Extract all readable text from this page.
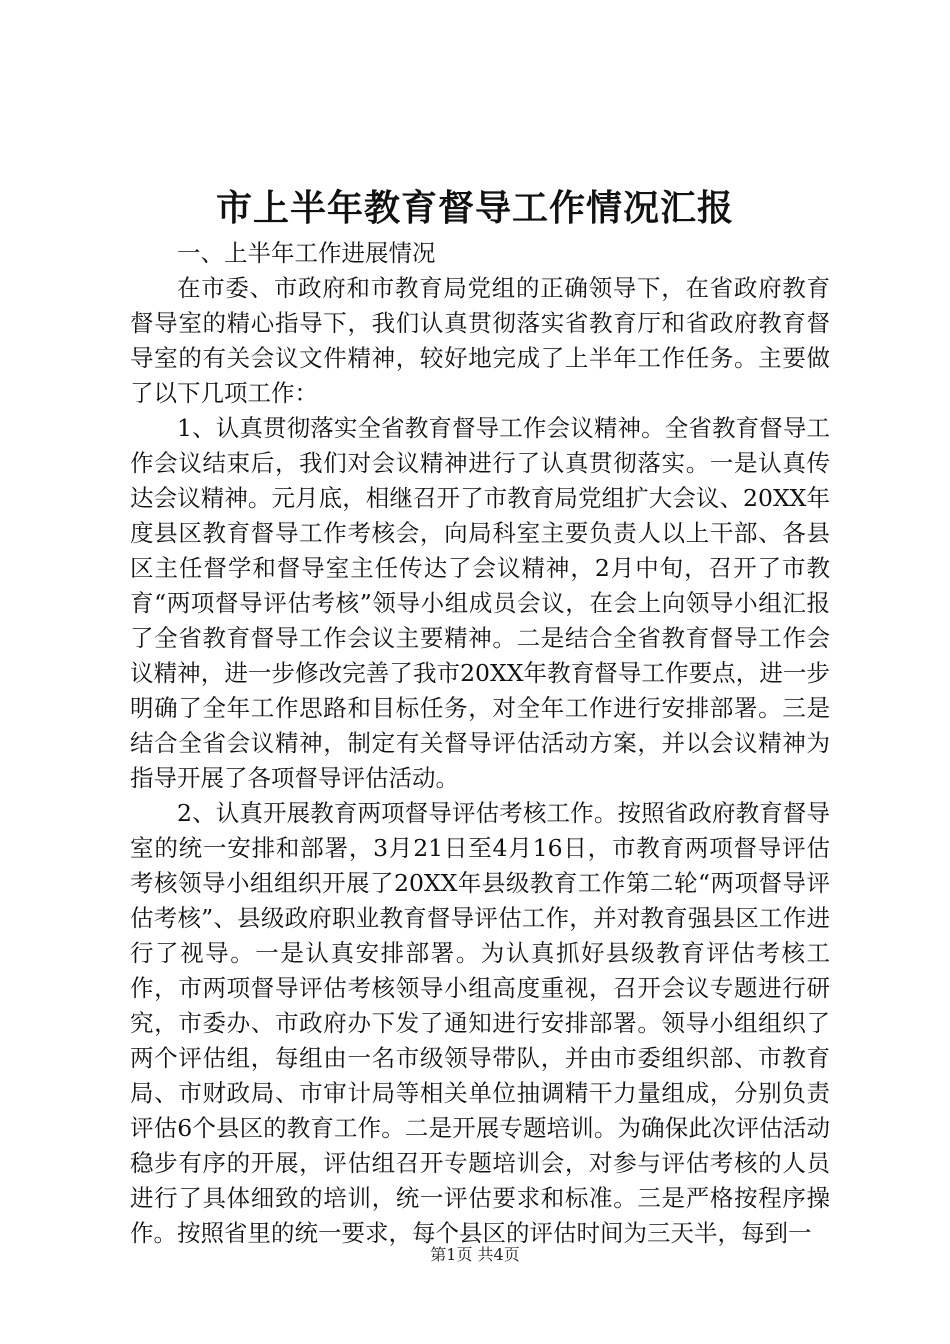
市上半年教育督导工作情况汇报

一、上半年工作进展情况

在市委、市政府和市教育局党组的正确领导下，在省政府教育督导室的精心指导下，我们认真贯彻落实省教育厅和省政府教育督导室的有关会议文件精神，较好地完成了上半年工作任务。主要做了以下几项工作：

1、认真贯彻落实全省教育督导工作会议精神。全省教育督导工作会议结束后，我们对会议精神进行了认真贯彻落实。一是认真传达会议精神。元月底，相继召开了市教育局党组扩大会议、20XX年度县区教育督导工作考核会，向局科室主要负责人以上干部、各县区主任督学和督导室主任传达了会议精神，2月中旬，召开了市教育“两项督导评估考核”领导小组成员会议，在会上向领导小组汇报了全省教育督导工作会议主要精神。二是结合全省教育督导工作会议精神，进一步修改完善了我市20XX年教育督导工作要点，进一步明确了全年工作思路和目标任务，对全年工作进行安排部署。三是结合全省会议精神，制定有关督导评估活动方案，并以会议精神为指导开展了各项督导评估活动。

2、认真开展教育两项督导评估考核工作。按照省政府教育督导室的统一安排和部署，3月21日至4月16日，市教育两项督导评估考核领导小组组织开展了20XX年县级教育工作第二轮“两项督导评估考核”、县级政府职业教育督导评估工作，并对教育强县区工作进行了视导。一是认真安排部署。为认真抓好县级教育评估考核工作，市两项督导评估考核领导小组高度重视，召开会议专题进行研究，市委办、市政府办下发了通知进行安排部署。领导小组组织了两个评估组，每组由一名市级领导带队，并由市委组织部、市教育局、市财政局、市审计局等相关单位抽调精干力量组成，分别负责评估6个县区的教育工作。二是开展专题培训。为确保此次评估活动稳步有序的开展，评估组召开专题培训会，对参与评估考核的人员进行了具体细致的培训，统一评估要求和标准。三是严格按程序操作。按照省里的统一要求，每个县区的评估时间为三天半，每到一

第1页 共4页
